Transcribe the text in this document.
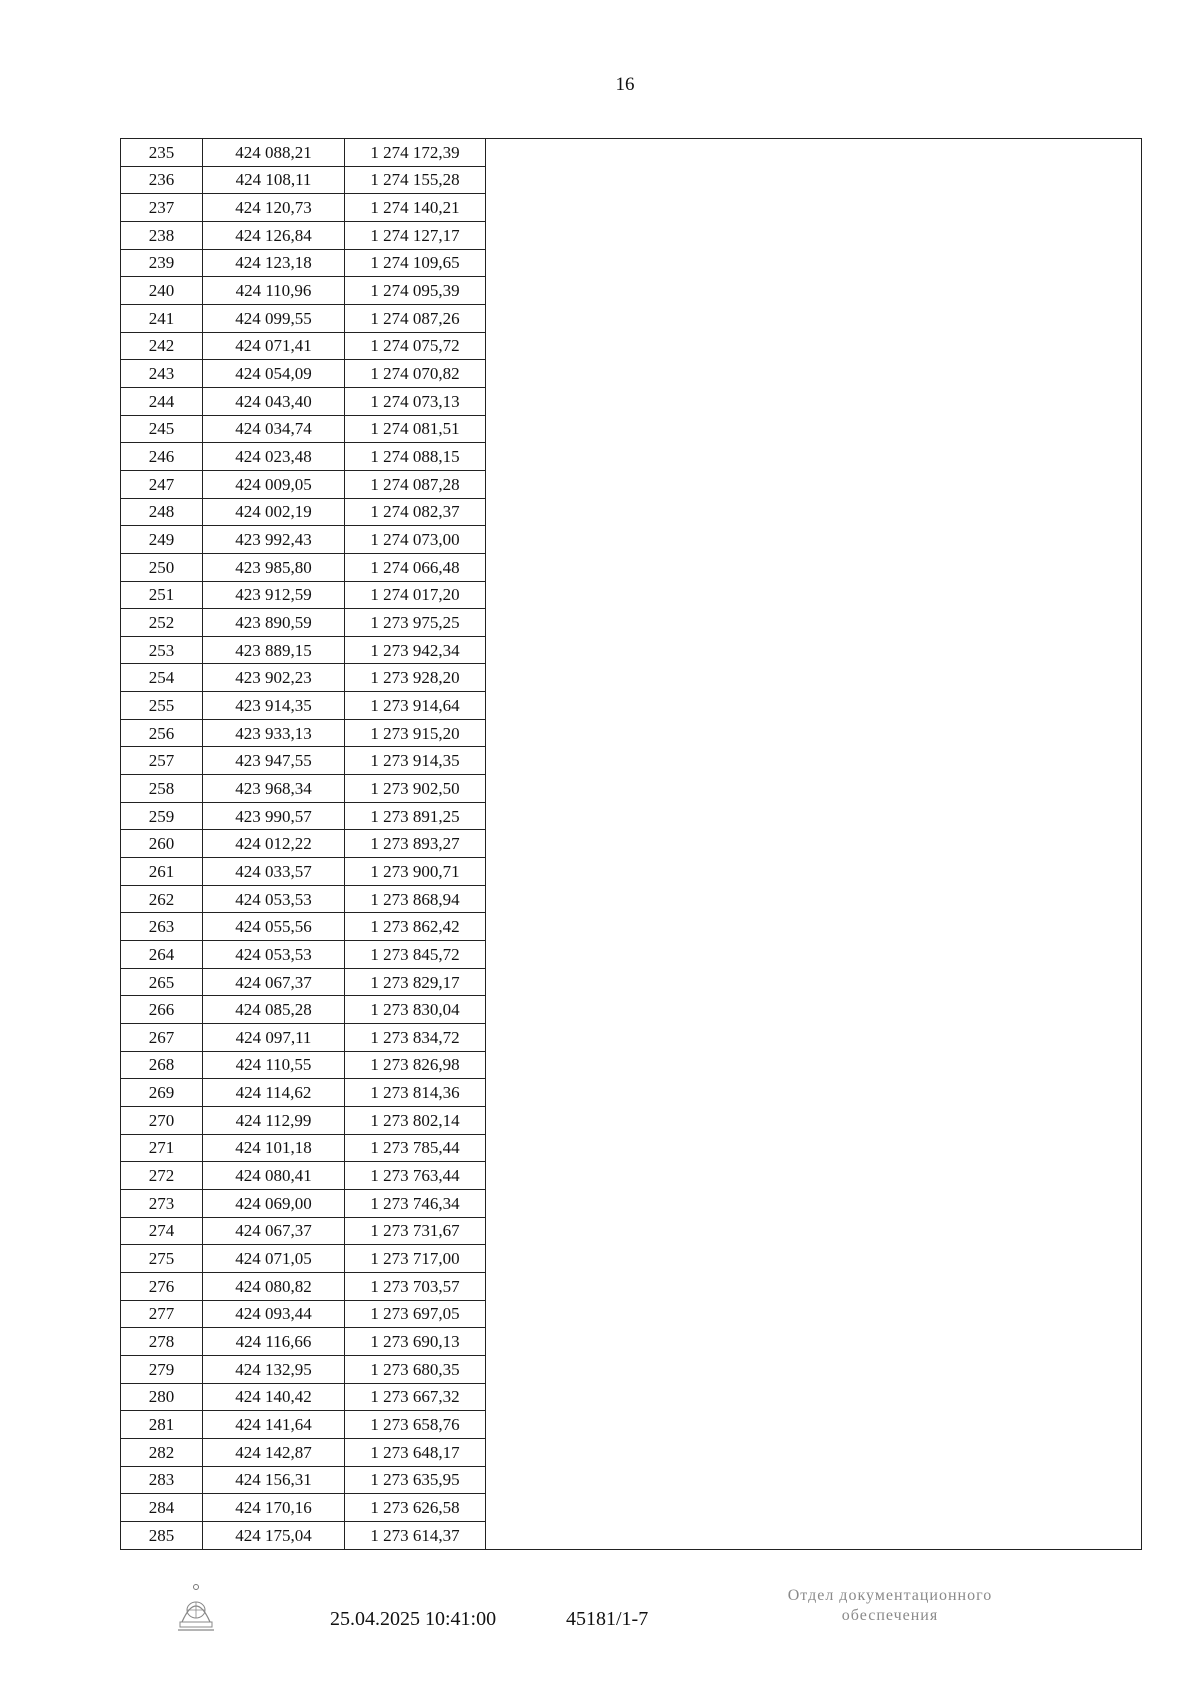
16
235	424 088,21	1 274 172,39
236	424 108,11	1 274 155,28
237	424 120,73	1 274 140,21
238	424 126,84	1 274 127,17
239	424 123,18	1 274 109,65
240	424 110,96	1 274 095,39
241	424 099,55	1 274 087,26
242	424 071,41	1 274 075,72
243	424 054,09	1 274 070,82
244	424 043,40	1 274 073,13
245	424 034,74	1 274 081,51
246	424 023,48	1 274 088,15
247	424 009,05	1 274 087,28
248	424 002,19	1 274 082,37
249	423 992,43	1 274 073,00
250	423 985,80	1 274 066,48
251	423 912,59	1 274 017,20
252	423 890,59	1 273 975,25
253	423 889,15	1 273 942,34
254	423 902,23	1 273 928,20
255	423 914,35	1 273 914,64
256	423 933,13	1 273 915,20
257	423 947,55	1 273 914,35
258	423 968,34	1 273 902,50
259	423 990,57	1 273 891,25
260	424 012,22	1 273 893,27
261	424 033,57	1 273 900,71
262	424 053,53	1 273 868,94
263	424 055,56	1 273 862,42
264	424 053,53	1 273 845,72
265	424 067,37	1 273 829,17
266	424 085,28	1 273 830,04
267	424 097,11	1 273 834,72
268	424 110,55	1 273 826,98
269	424 114,62	1 273 814,36
270	424 112,99	1 273 802,14
271	424 101,18	1 273 785,44
272	424 080,41	1 273 763,44
273	424 069,00	1 273 746,34
274	424 067,37	1 273 731,67
275	424 071,05	1 273 717,00
276	424 080,82	1 273 703,57
277	424 093,44	1 273 697,05
278	424 116,66	1 273 690,13
279	424 132,95	1 273 680,35
280	424 140,42	1 273 667,32
281	424 141,64	1 273 658,76
282	424 142,87	1 273 648,17
283	424 156,31	1 273 635,95
284	424 170,16	1 273 626,58
285	424 175,04	1 273 614,37
25.04.2025 10:41:00	45181/1-7
Отдел документационного
обеспечения
